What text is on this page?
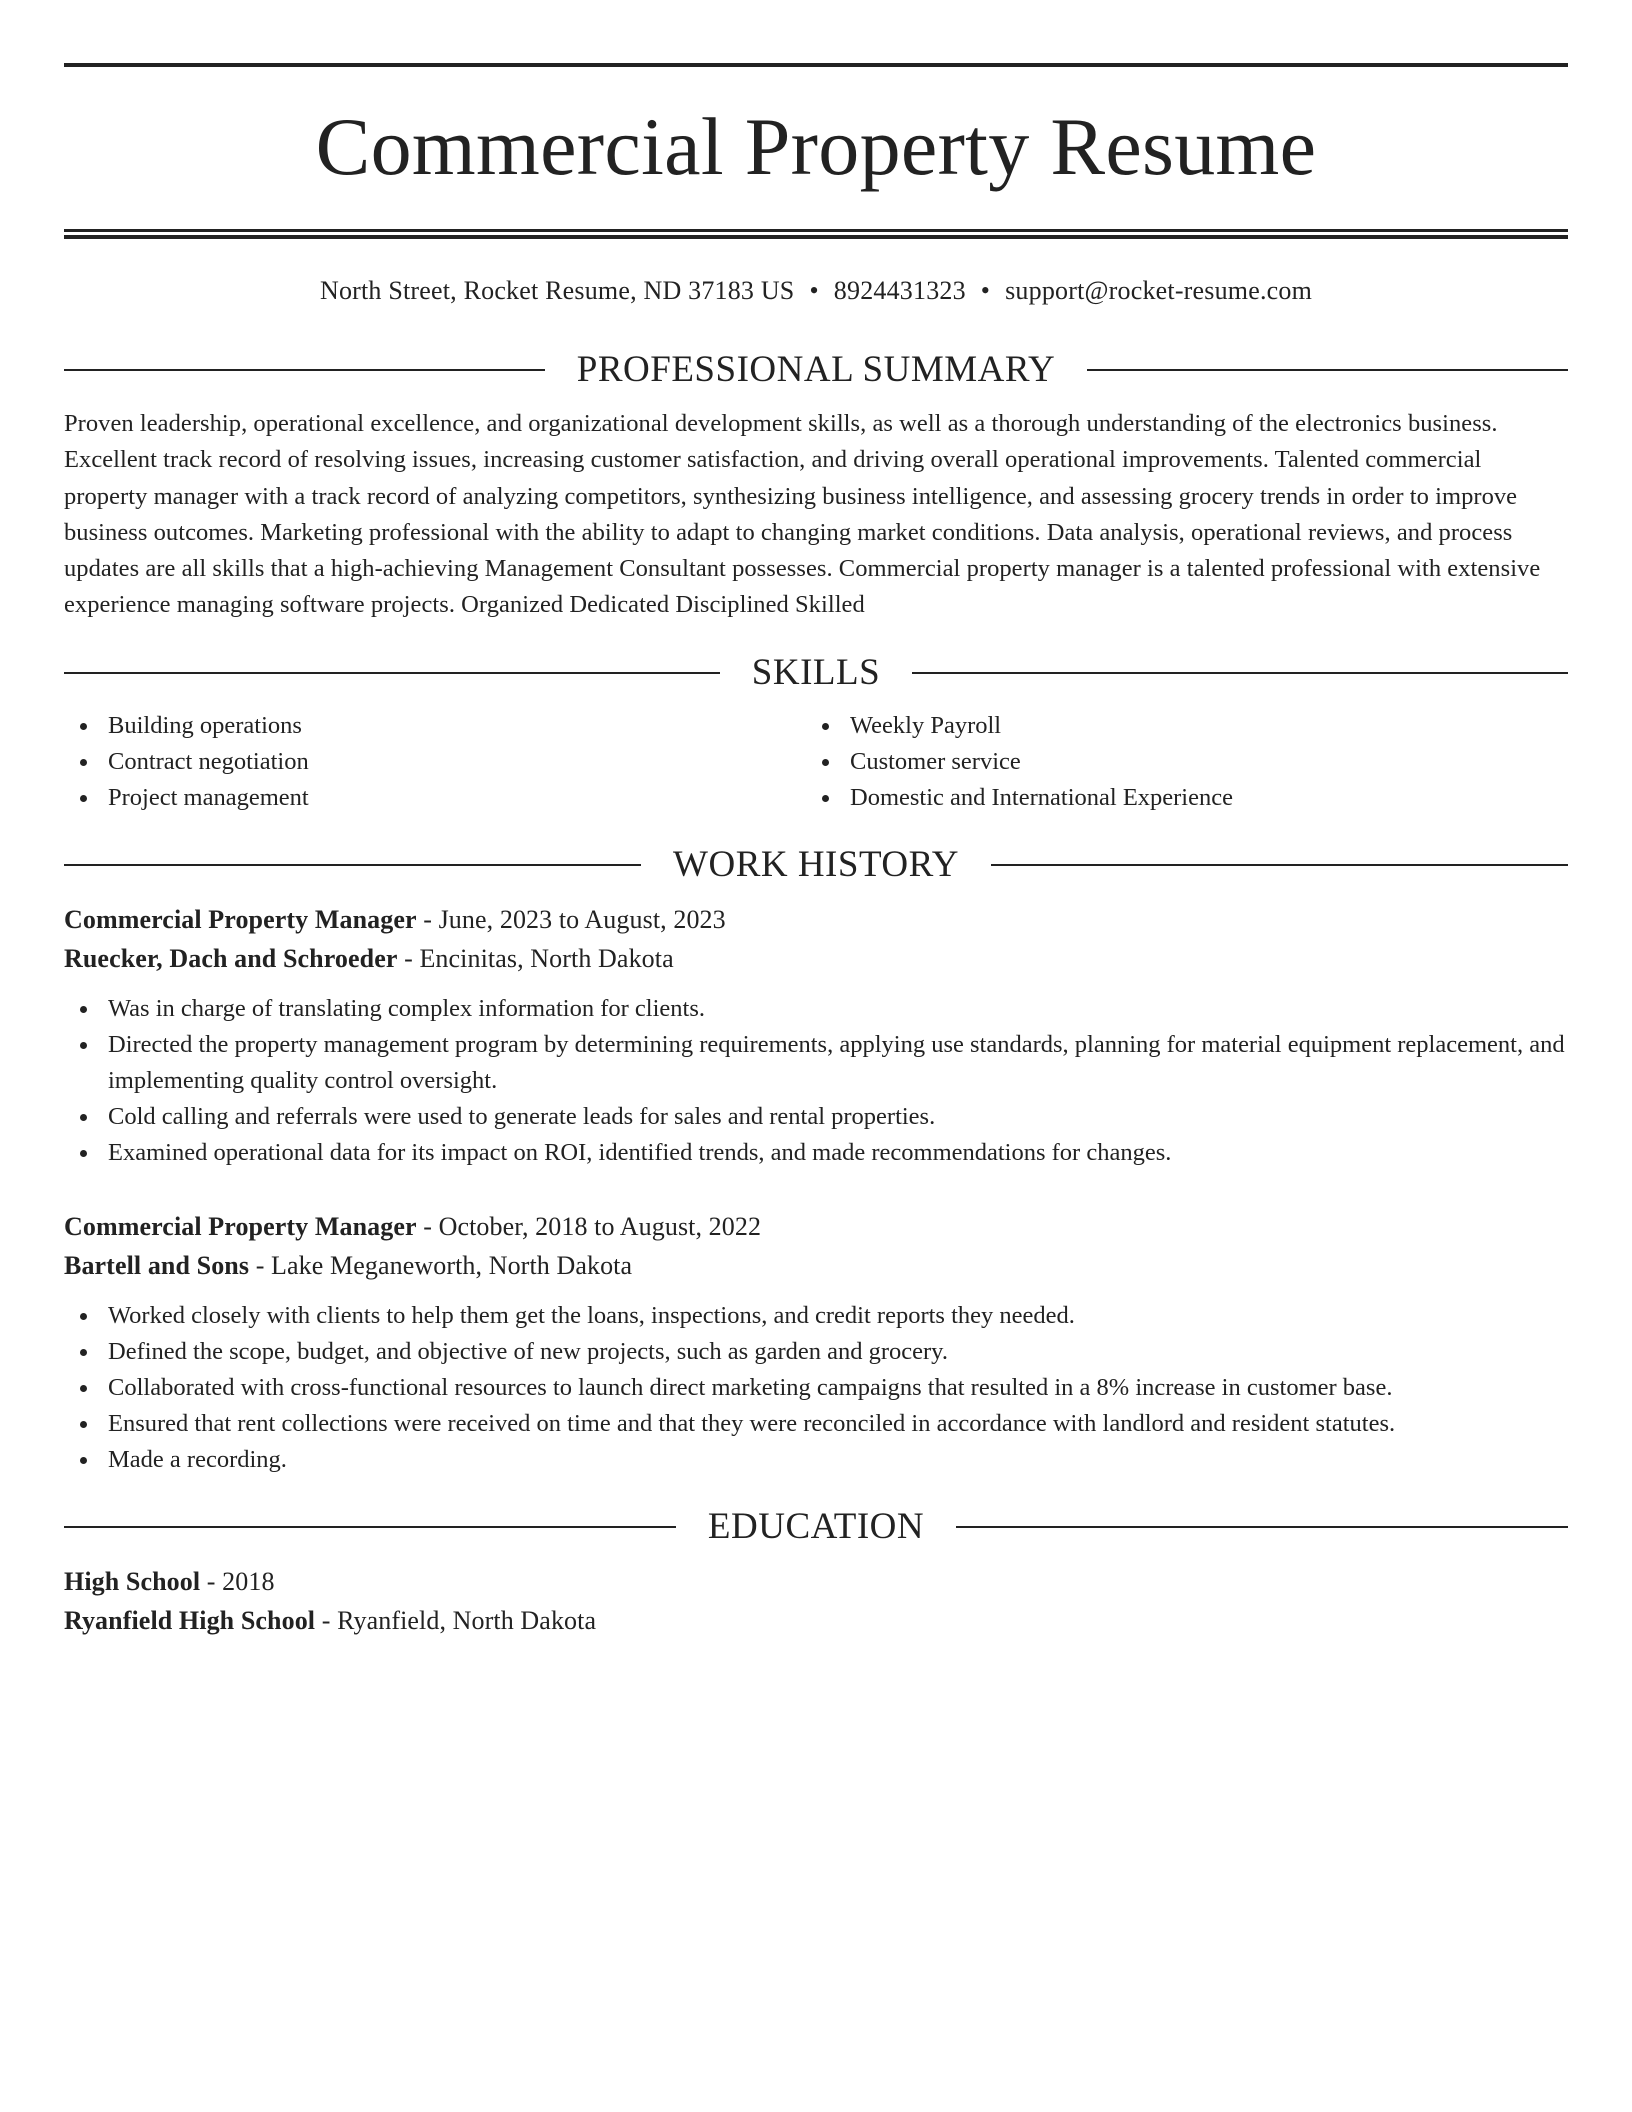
Commercial Property Resume
North Street, Rocket Resume, ND 37183 US • 8924431323 • support@rocket-resume.com
PROFESSIONAL SUMMARY

Proven leadership, operational excellence, and organizational development skills, as well as a thorough understanding of the electronics business. Excellent track record of resolving issues, increasing customer satisfaction, and driving overall operational improvements. Talented commercial property manager with a track record of analyzing competitors, synthesizing business intelligence, and assessing grocery trends in order to improve business outcomes. Marketing professional with the ability to adapt to changing market conditions. Data analysis, operational reviews, and process updates are all skills that a high-achieving Management Consultant possesses. Commercial property manager is a talented professional with extensive experience managing software projects. Organized Dedicated Disciplined Skilled

SKILLS
Building operations
Contract negotiation
Project management
Weekly Payroll
Customer service
Domestic and International Experience
WORK HISTORY
Commercial Property Manager - June, 2023 to August, 2023
Ruecker, Dach and Schroeder - Encinitas, North Dakota
Was in charge of translating complex information for clients.
Directed the property management program by determining requirements, applying use standards, planning for material equipment replacement, and implementing quality control oversight.
Cold calling and referrals were used to generate leads for sales and rental properties.
Examined operational data for its impact on ROI, identified trends, and made recommendations for changes.
Commercial Property Manager - October, 2018 to August, 2022
Bartell and Sons - Lake Meganeworth, North Dakota
Worked closely with clients to help them get the loans, inspections, and credit reports they needed.
Defined the scope, budget, and objective of new projects, such as garden and grocery.
Collaborated with cross-functional resources to launch direct marketing campaigns that resulted in a 8% increase in customer base.
Ensured that rent collections were received on time and that they were reconciled in accordance with landlord and resident statutes.
Made a recording.
EDUCATION
High School - 2018
Ryanfield High School - Ryanfield, North Dakota
